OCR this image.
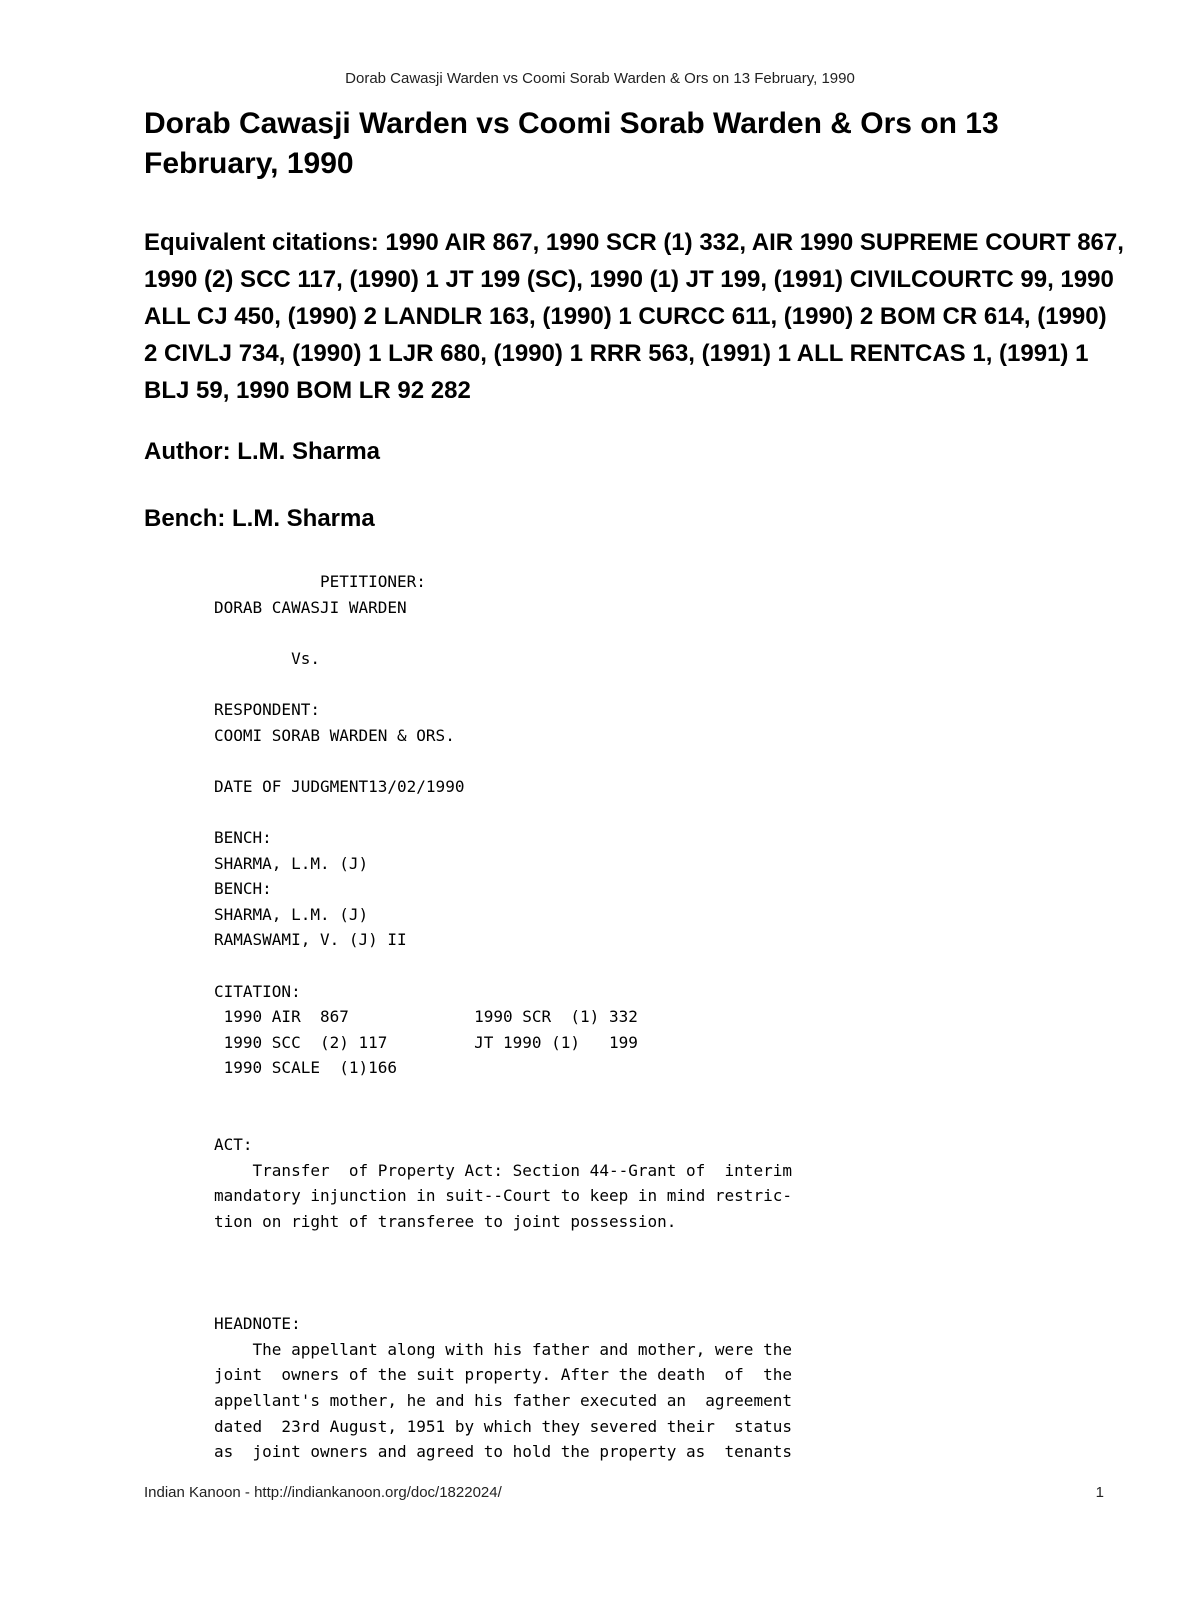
Dorab Cawasji Warden vs Coomi Sorab Warden & Ors on 13 February, 1990
Dorab Cawasji Warden vs Coomi Sorab Warden & Ors on 13 February, 1990

Equivalent citations: 1990 AIR 867, 1990 SCR (1) 332, AIR 1990 SUPREME COURT 867, 1990 (2) SCC 117, (1990) 1 JT 199 (SC), 1990 (1) JT 199, (1991) CIVILCOURTC 99, 1990 ALL CJ 450, (1990) 2 LANDLR 163, (1990) 1 CURCC 611, (1990) 2 BOM CR 614, (1990) 2 CIVLJ 734, (1990) 1 LJR 680, (1990) 1 RRR 563, (1991) 1 ALL RENTCAS 1, (1991) 1 BLJ 59, 1990 BOM LR 92 282

Author: L.M. Sharma

Bench: L.M. Sharma

PETITIONER:
DORAB CAWASJI WARDEN
Vs.
RESPONDENT:
COOMI SORAB WARDEN & ORS.
DATE OF JUDGMENT13/02/1990
BENCH:
SHARMA, L.M. (J)
BENCH:
SHARMA, L.M. (J)
RAMASWAMI, V. (J) II
CITATION:
1990 AIR  867             1990 SCR  (1) 332
1990 SCC  (2) 117         JT 1990 (1)   199
1990 SCALE  (1)166
ACT:
Transfer  of Property Act: Section 44--Grant of  interim
mandatory injunction in suit--Court to keep in mind restric-
tion on right of transferee to joint possession.
HEADNOTE:
The appellant along with his father and mother, were the
joint  owners of the suit property. After the death  of  the
appellant's mother, he and his father executed an  agreement
dated  23rd August, 1951 by which they severed their  status
as  joint owners and agreed to hold the property as  tenants
Indian Kanoon - http://indiankanoon.org/doc/1822024/	1
